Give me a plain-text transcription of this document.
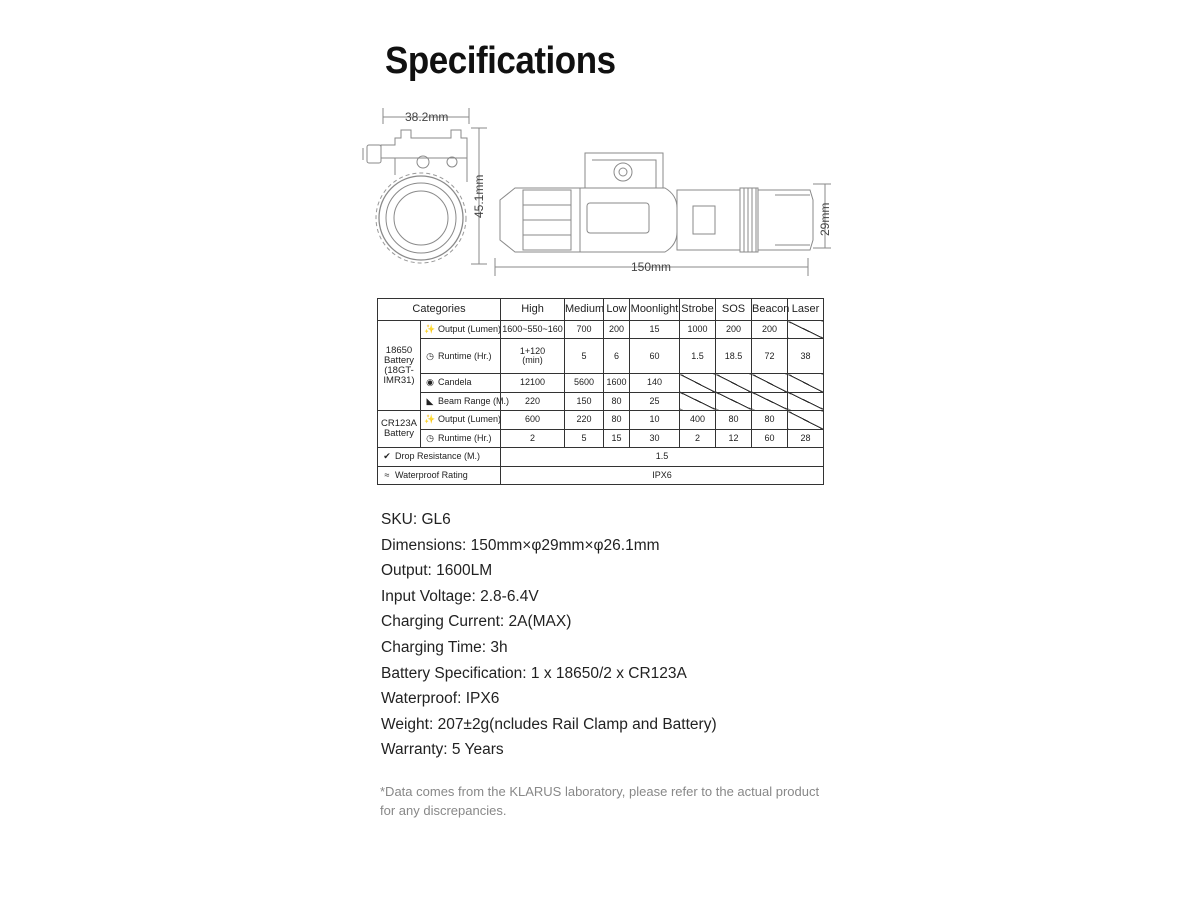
Specifications
38.2mm
45.1mm
150mm
29mm
Categories		High	Medium	Low	Moonlight	Strobe	SOS	Beacon	Laser
18650 Battery (18GT-IMR31)	✨ Output (Lumen)	1600~550~160	700	200	15	1000	200	200	
	◷ Runtime (Hr.)	1+120
(min)	5	6	60	1.5	18.5	72	38
	◉ Candela	12100	5600	1600	140				
	◣ Beam Range (M.)	220	150	80	25				
CR123A Battery	✨ Output (Lumen)	600	220	80	10	400	80	80	
	◷ Runtime (Hr.)	2	5	15	30	2	12	60	28
✔ Drop Resistance (M.)		1.5							
≈ Waterproof Rating		IPX6							
SKU: GL6
Dimensions: 150mm×φ29mm×φ26.1mm
Output: 1600LM
Input Voltage: 2.8-6.4V
Charging Current: 2A(MAX)
Charging Time: 3h
Battery Specification: 1 x 18650/2 x CR123A
Waterproof: IPX6
Weight: 207±2g(ncludes Rail Clamp and Battery)
Warranty: 5 Years
*Data comes from the KLARUS laboratory, please refer to the actual product for any discrepancies.
